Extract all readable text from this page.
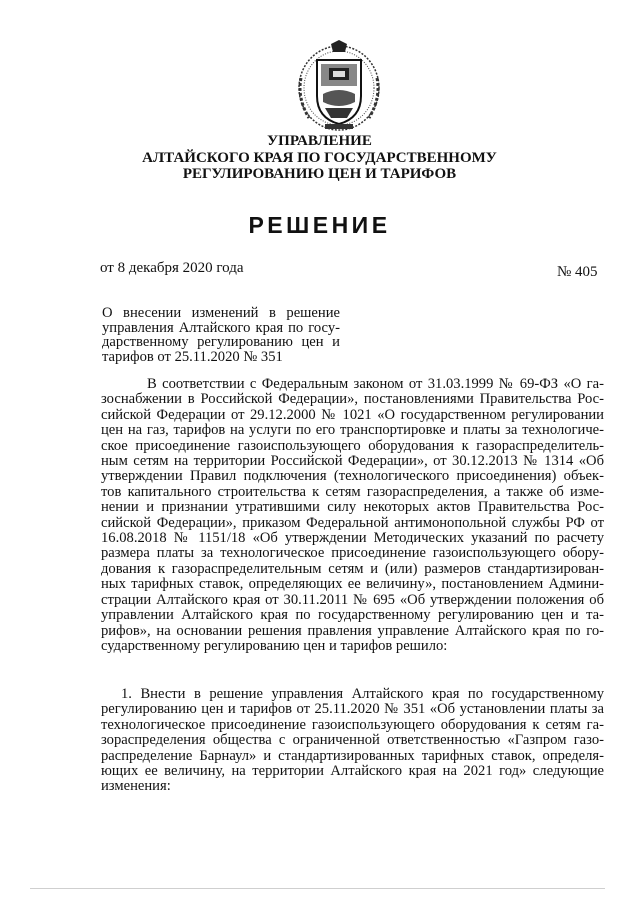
УПРАВЛЕНИЕ
АЛТАЙСКОГО КРАЯ ПО ГОСУДАРСТВЕННОМУ
РЕГУЛИРОВАНИЮ ЦЕН И ТАРИФОВ
РЕШЕНИЕ
от 8 декабря 2020 года	№ 405
О внесении изменений в решение
управления Алтайского края по госу-
дарственному регулированию цен и
тарифов от 25.11.2020 № 351
В соответствии с Федеральным законом от 31.03.1999 № 69-ФЗ «О га-
зоснабжении в Российской Федерации», постановлениями Правительства Рос-
сийской Федерации от 29.12.2000 № 1021 «О государственном регулировании
цен на газ, тарифов на услуги по его транспортировке и платы за технологиче-
ское присоединение газоиспользующего оборудования к газораспределитель-
ным сетям на территории Российской Федерации», от 30.12.2013 № 1314 «Об
утверждении Правил подключения (технологического присоединения) объек-
тов капитального строительства к сетям газораспределения, а также об изме-
нении и признании утратившими силу некоторых актов Правительства Рос-
сийской Федерации», приказом Федеральной антимонопольной службы РФ от
16.08.2018 № 1151/18 «Об утверждении Методических указаний по расчету
размера платы за технологическое присоединение газоиспользующего обору-
дования к газораспределительным сетям и (или) размеров стандартизирован-
ных тарифных ставок, определяющих ее величину», постановлением Админи-
страции Алтайского края от 30.11.2011 № 695 «Об утверждении положения об
управлении Алтайского края по государственному регулированию цен и та-
рифов», на основании решения правления управление Алтайского края по го-
сударственному регулированию цен и тарифов решило:
1. Внести в решение управления Алтайского края по государственному
регулированию цен и тарифов от 25.11.2020 № 351 «Об установлении платы за
технологическое присоединение газоиспользующего оборудования к сетям га-
зораспределения общества с ограниченной ответственностью «Газпром газо-
распределение Барнаул» и стандартизированных тарифных ставок, определя-
ющих ее величину, на территории Алтайского края на 2021 год» следующие
изменения:
